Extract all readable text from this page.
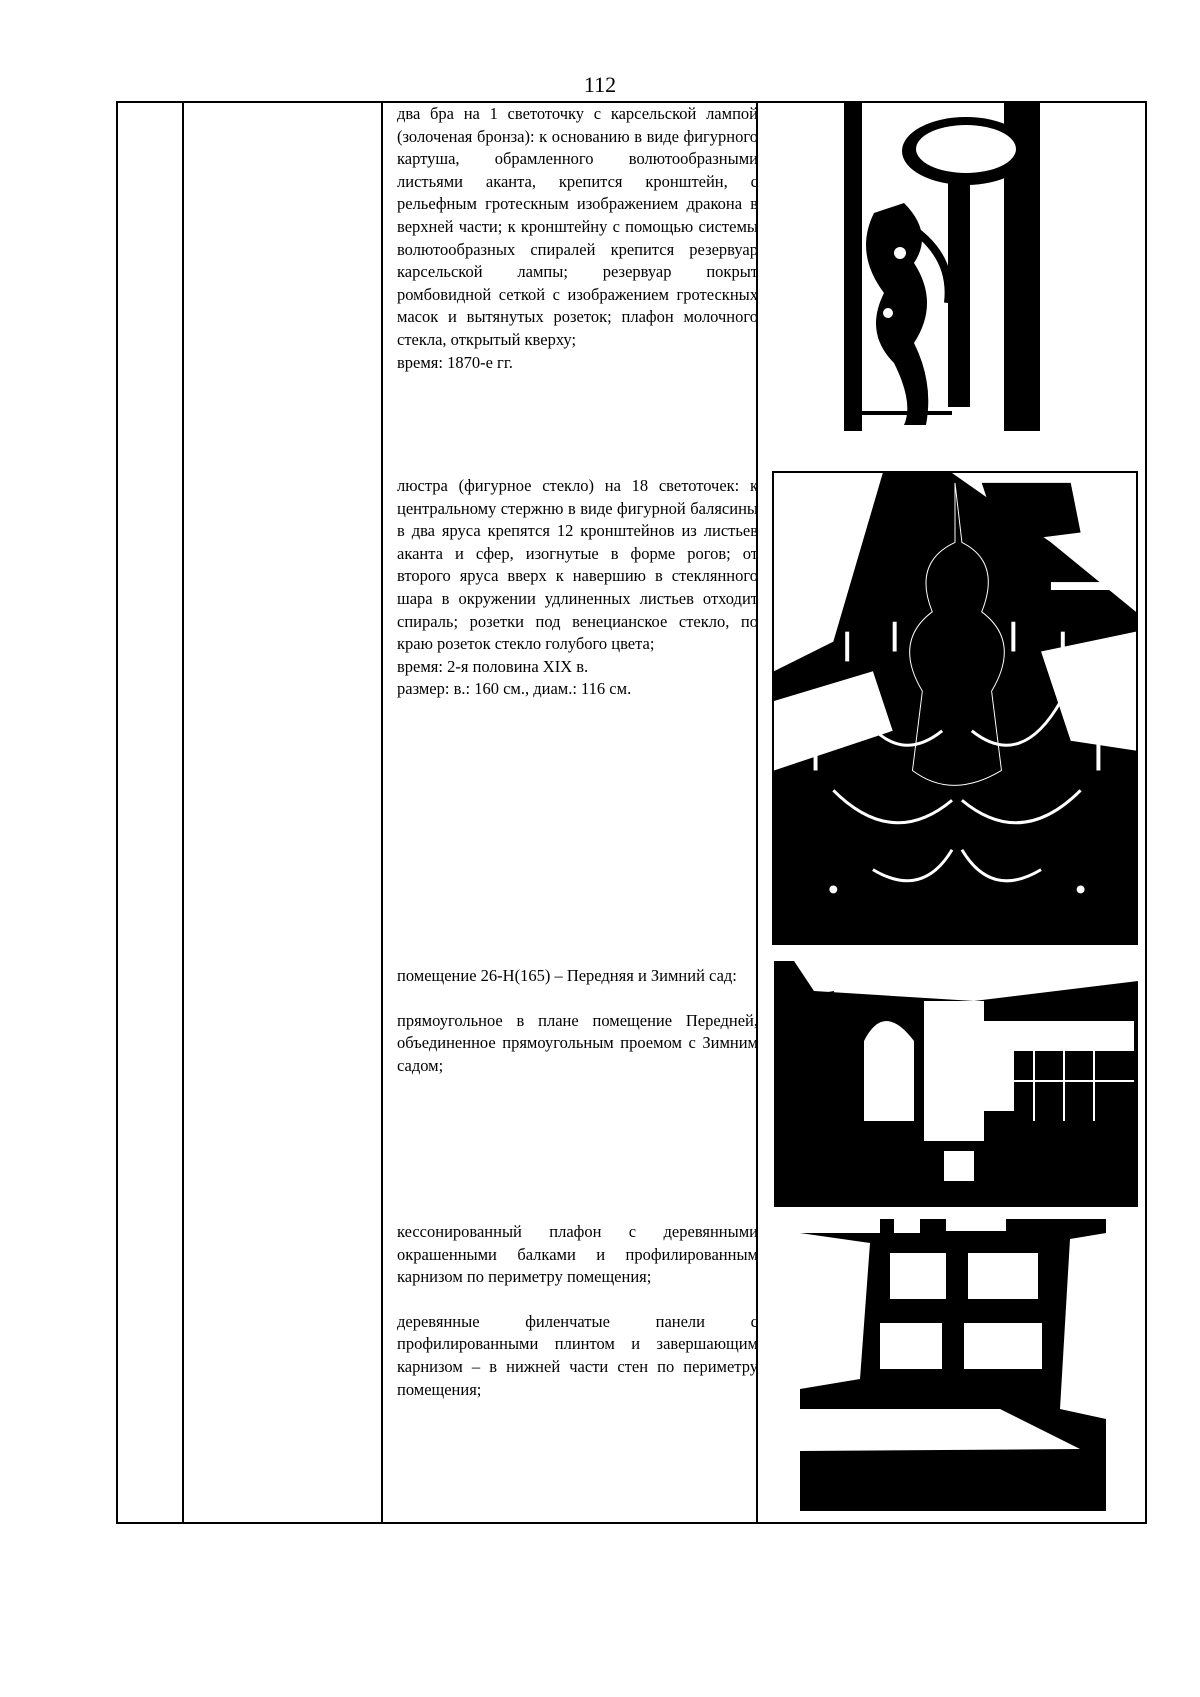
112

два бра на 1 светоточку с карсельской лампой (золоченая бронза): к основанию в виде фигурного картуша, обрамленного волютообразными листьями аканта, крепится кронштейн, с рельефным гротескным изображением дракона в верхней части; к кронштейну с помощью системы волютообразных спиралей крепится резервуар карсельской лампы; резервуар покрыт ромбовидной сеткой с изображением гротескных масок и вытянутых розеток; плафон молочного стекла, открытый кверху;

время: 1870-е гг.

люстра (фигурное стекло) на 18 светоточек: к центральному стержню в виде фигурной балясины в два яруса крепятся 12 кронштейнов из листьев аканта и сфер, изогнутые в форме рогов; от второго яруса вверх к навершию в стеклянного шара в окружении удлиненных листьев отходит спираль; розетки под венецианское стекло, по краю розеток стекло голубого цвета;

время: 2-я половина XIX в.

размер: в.: 160 см., диам.: 116 см.

помещение 26-Н(165) – Передняя и Зимний сад:

прямоугольное в плане помещение Передней, объединенное прямоугольным проемом с Зимним садом;

кессонированный плафон с деревянными окрашенными балками и профилированным карнизом по периметру помещения;

деревянные филенчатые панели с профилированными плинтом и завершающим карнизом – в нижней части стен по периметру помещения;
